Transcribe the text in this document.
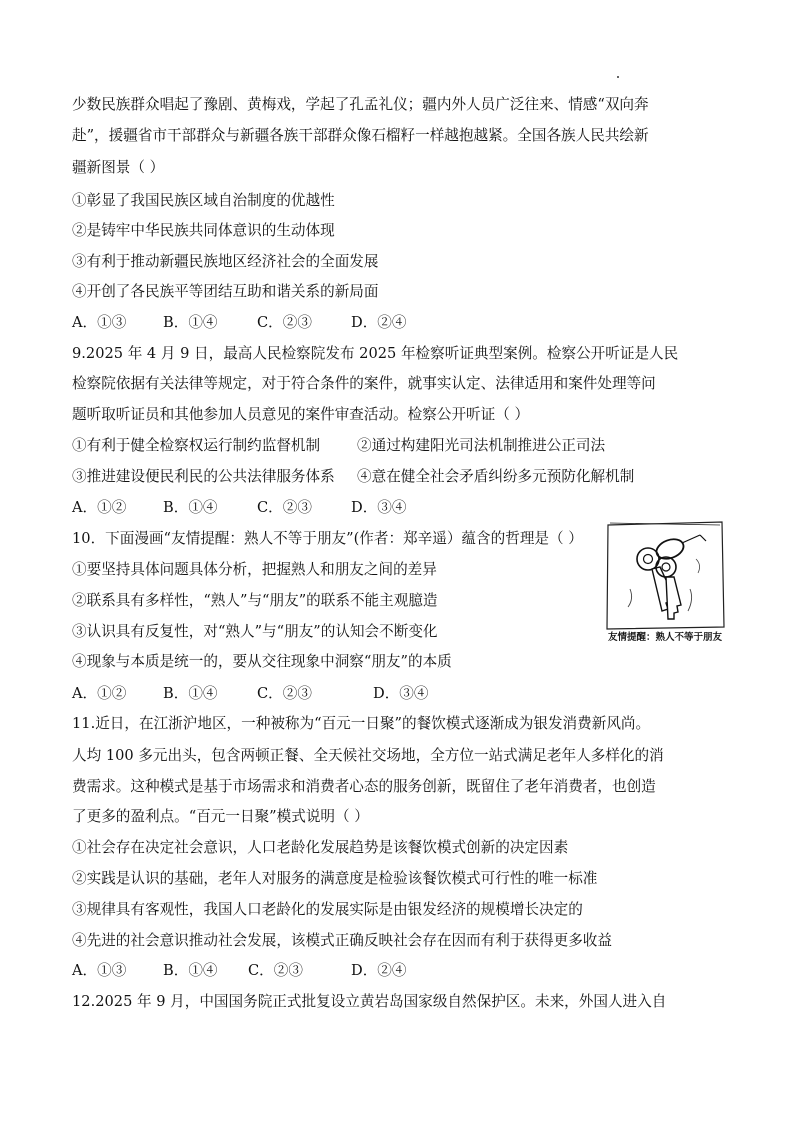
少数民族群众唱起了豫剧、黄梅戏，学起了孔孟礼仪；疆内外人员广泛往来、情感“双向奔
赴”，援疆省市干部群众与新疆各族干部群众像石榴籽一样越抱越紧。全国各族人民共绘新
疆新图景（ ）
①彰显了我国民族区域自治制度的优越性
②是铸牢中华民族共同体意识的生动体现
③有利于推动新疆民族地区经济社会的全面发展
④开创了各民族平等团结互助和谐关系的新局面
A．①③	B．①④	C．②③	D．②④
9.2025 年 4 月 9 日，最高人民检察院发布 2025 年检察听证典型案例。检察公开听证是人民
检察院依据有关法律等规定，对于符合条件的案件，就事实认定、法律适用和案件处理等问
题听取听证员和其他参加人员意见的案件审查活动。检察公开听证（ ）
①有利于健全检察权运行制约监督机制	②通过构建阳光司法机制推进公正司法
③推进建设便民利民的公共法律服务体系 ④意在健全社会矛盾纠纷多元预防化解机制
A．①②	B．①④	C．②③	D．③④
10．下面漫画“友情提醒：熟人不等于朋友”(作者：郑辛遥）蕴含的哲理是（ ）
①要坚持具体问题具体分析，把握熟人和朋友之间的差异
②联系具有多样性，“熟人”与“朋友”的联系不能主观臆造
③认识具有反复性，对“熟人”与“朋友”的认知会不断变化
④现象与本质是统一的，要从交往现象中洞察“朋友”的本质
A．①②	B．①④	C．②③	D．③④
友情提醒：熟人不等于朋友
11.近日，在江浙沪地区，一种被称为“百元一日聚”的餐饮模式逐渐成为银发消费新风尚。
人均 100 多元出头，包含两顿正餐、全天候社交场地，全方位一站式满足老年人多样化的消
费需求。这种模式是基于市场需求和消费者心态的服务创新，既留住了老年消费者，也创造
了更多的盈利点。“百元一日聚”模式说明（ ）
①社会存在决定社会意识，人口老龄化发展趋势是该餐饮模式创新的决定因素
②实践是认识的基础，老年人对服务的满意度是检验该餐饮模式可行性的唯一标准
③规律具有客观性，我国人口老龄化的发展实际是由银发经济的规模增长决定的
④先进的社会意识推动社会发展，该模式正确反映社会存在因而有利于获得更多收益
A．①③	B．①④ C．②③	D．②④
12.2025 年 9 月，中国国务院正式批复设立黄岩岛国家级自然保护区。未来，外国人进入自
